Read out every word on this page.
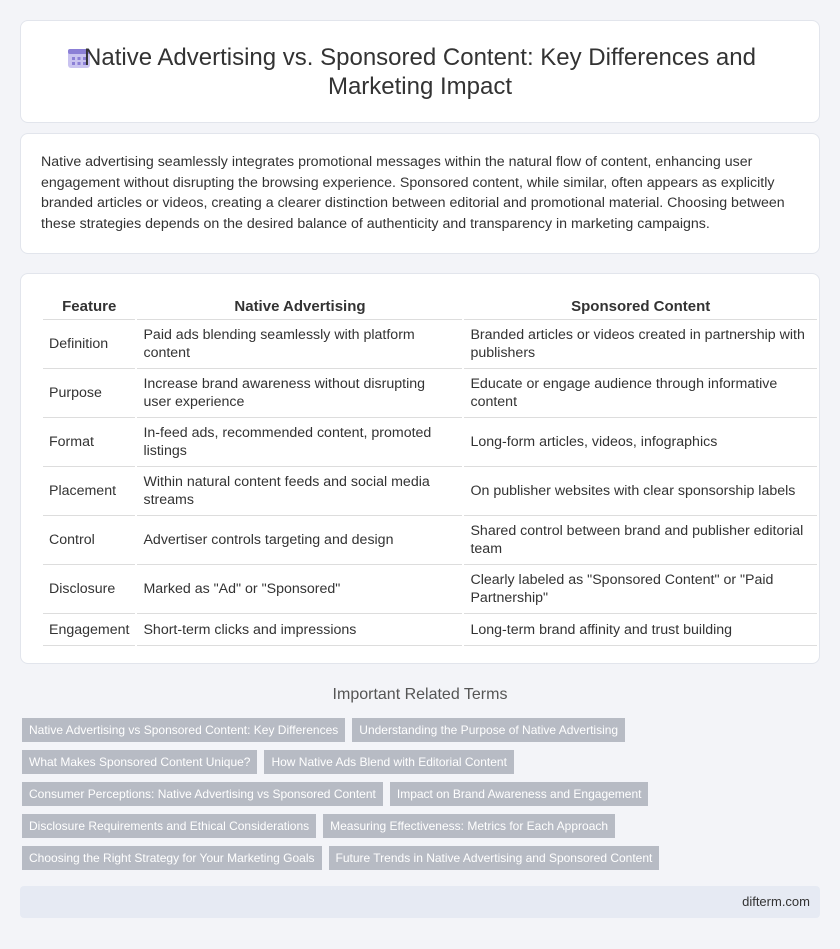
Native Advertising vs. Sponsored Content: Key Differences and Marketing Impact

Native advertising seamlessly integrates promotional messages within the natural flow of content, enhancing user engagement without disrupting the browsing experience. Sponsored content, while similar, often appears as explicitly branded articles or videos, creating a clearer distinction between editorial and promotional material. Choosing between these strategies depends on the desired balance of authenticity and transparency in marketing campaigns.

Feature	Native Advertising	Sponsored Content
Definition	Paid ads blending seamlessly with platform content	Branded articles or videos created in partnership with publishers
Purpose	Increase brand awareness without disrupting user experience	Educate or engage audience through informative content
Format	In-feed ads, recommended content, promoted listings	Long-form articles, videos, infographics
Placement	Within natural content feeds and social media streams	On publisher websites with clear sponsorship labels
Control	Advertiser controls targeting and design	Shared control between brand and publisher editorial team
Disclosure	Marked as "Ad" or "Sponsored"	Clearly labeled as "Sponsored Content" or "Paid Partnership"
Engagement	Short-term clicks and impressions	Long-term brand affinity and trust building
Important Related Terms
Native Advertising vs Sponsored Content: Key Differences	Understanding the Purpose of Native Advertising
What Makes Sponsored Content Unique?	How Native Ads Blend with Editorial Content
Consumer Perceptions: Native Advertising vs Sponsored Content	Impact on Brand Awareness and Engagement
Disclosure Requirements and Ethical Considerations	Measuring Effectiveness: Metrics for Each Approach
Choosing the Right Strategy for Your Marketing Goals	Future Trends in Native Advertising and Sponsored Content
difterm.com
